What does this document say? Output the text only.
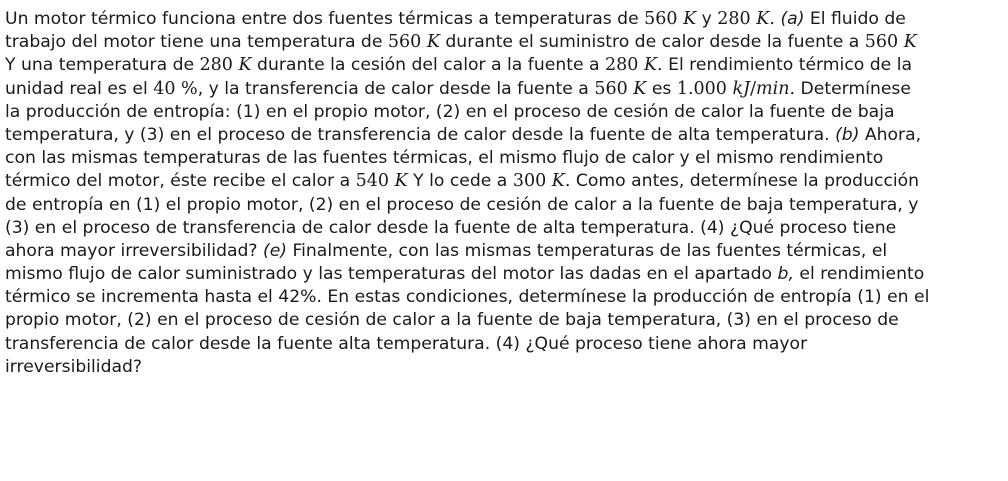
Un motor térmico funciona entre dos fuentes térmicas a temperaturas de 560 K y 280 K. (a) El fluido de
trabajo del motor tiene una temperatura de 560 K durante el suministro de calor desde la fuente a 560 K
Y una temperatura de 280 K durante la cesión del calor a la fuente a 280 K. El rendimiento térmico de la
unidad real es el 40 %, y la transferencia de calor desde la fuente a 560 K es 1.000 kJ/min. Determínese
la producción de entropía: (1) en el propio motor, (2) en el proceso de cesión de calor la fuente de baja
temperatura, y (3) en el proceso de transferencia de calor desde la fuente de alta temperatura. (b) Ahora,
con las mismas temperaturas de las fuentes térmicas, el mismo flujo de calor y el mismo rendimiento
térmico del motor, éste recibe el calor a 540 K Y lo cede a 300 K. Como antes, determínese la producción
de entropía en (1) el propio motor, (2) en el proceso de cesión de calor a la fuente de baja temperatura, y
(3) en el proceso de transferencia de calor desde la fuente de alta temperatura. (4) ¿Qué proceso tiene
ahora mayor irreversibilidad? (e) Finalmente, con las mismas temperaturas de las fuentes térmicas, el
mismo flujo de calor suministrado y las temperaturas del motor las dadas en el apartado b, el rendimiento
térmico se incrementa hasta el 42%. En estas condiciones, determínese la producción de entropía (1) en el
propio motor, (2) en el proceso de cesión de calor a la fuente de baja temperatura, (3) en el proceso de
transferencia de calor desde la fuente alta temperatura. (4) ¿Qué proceso tiene ahora mayor
irreversibilidad?
